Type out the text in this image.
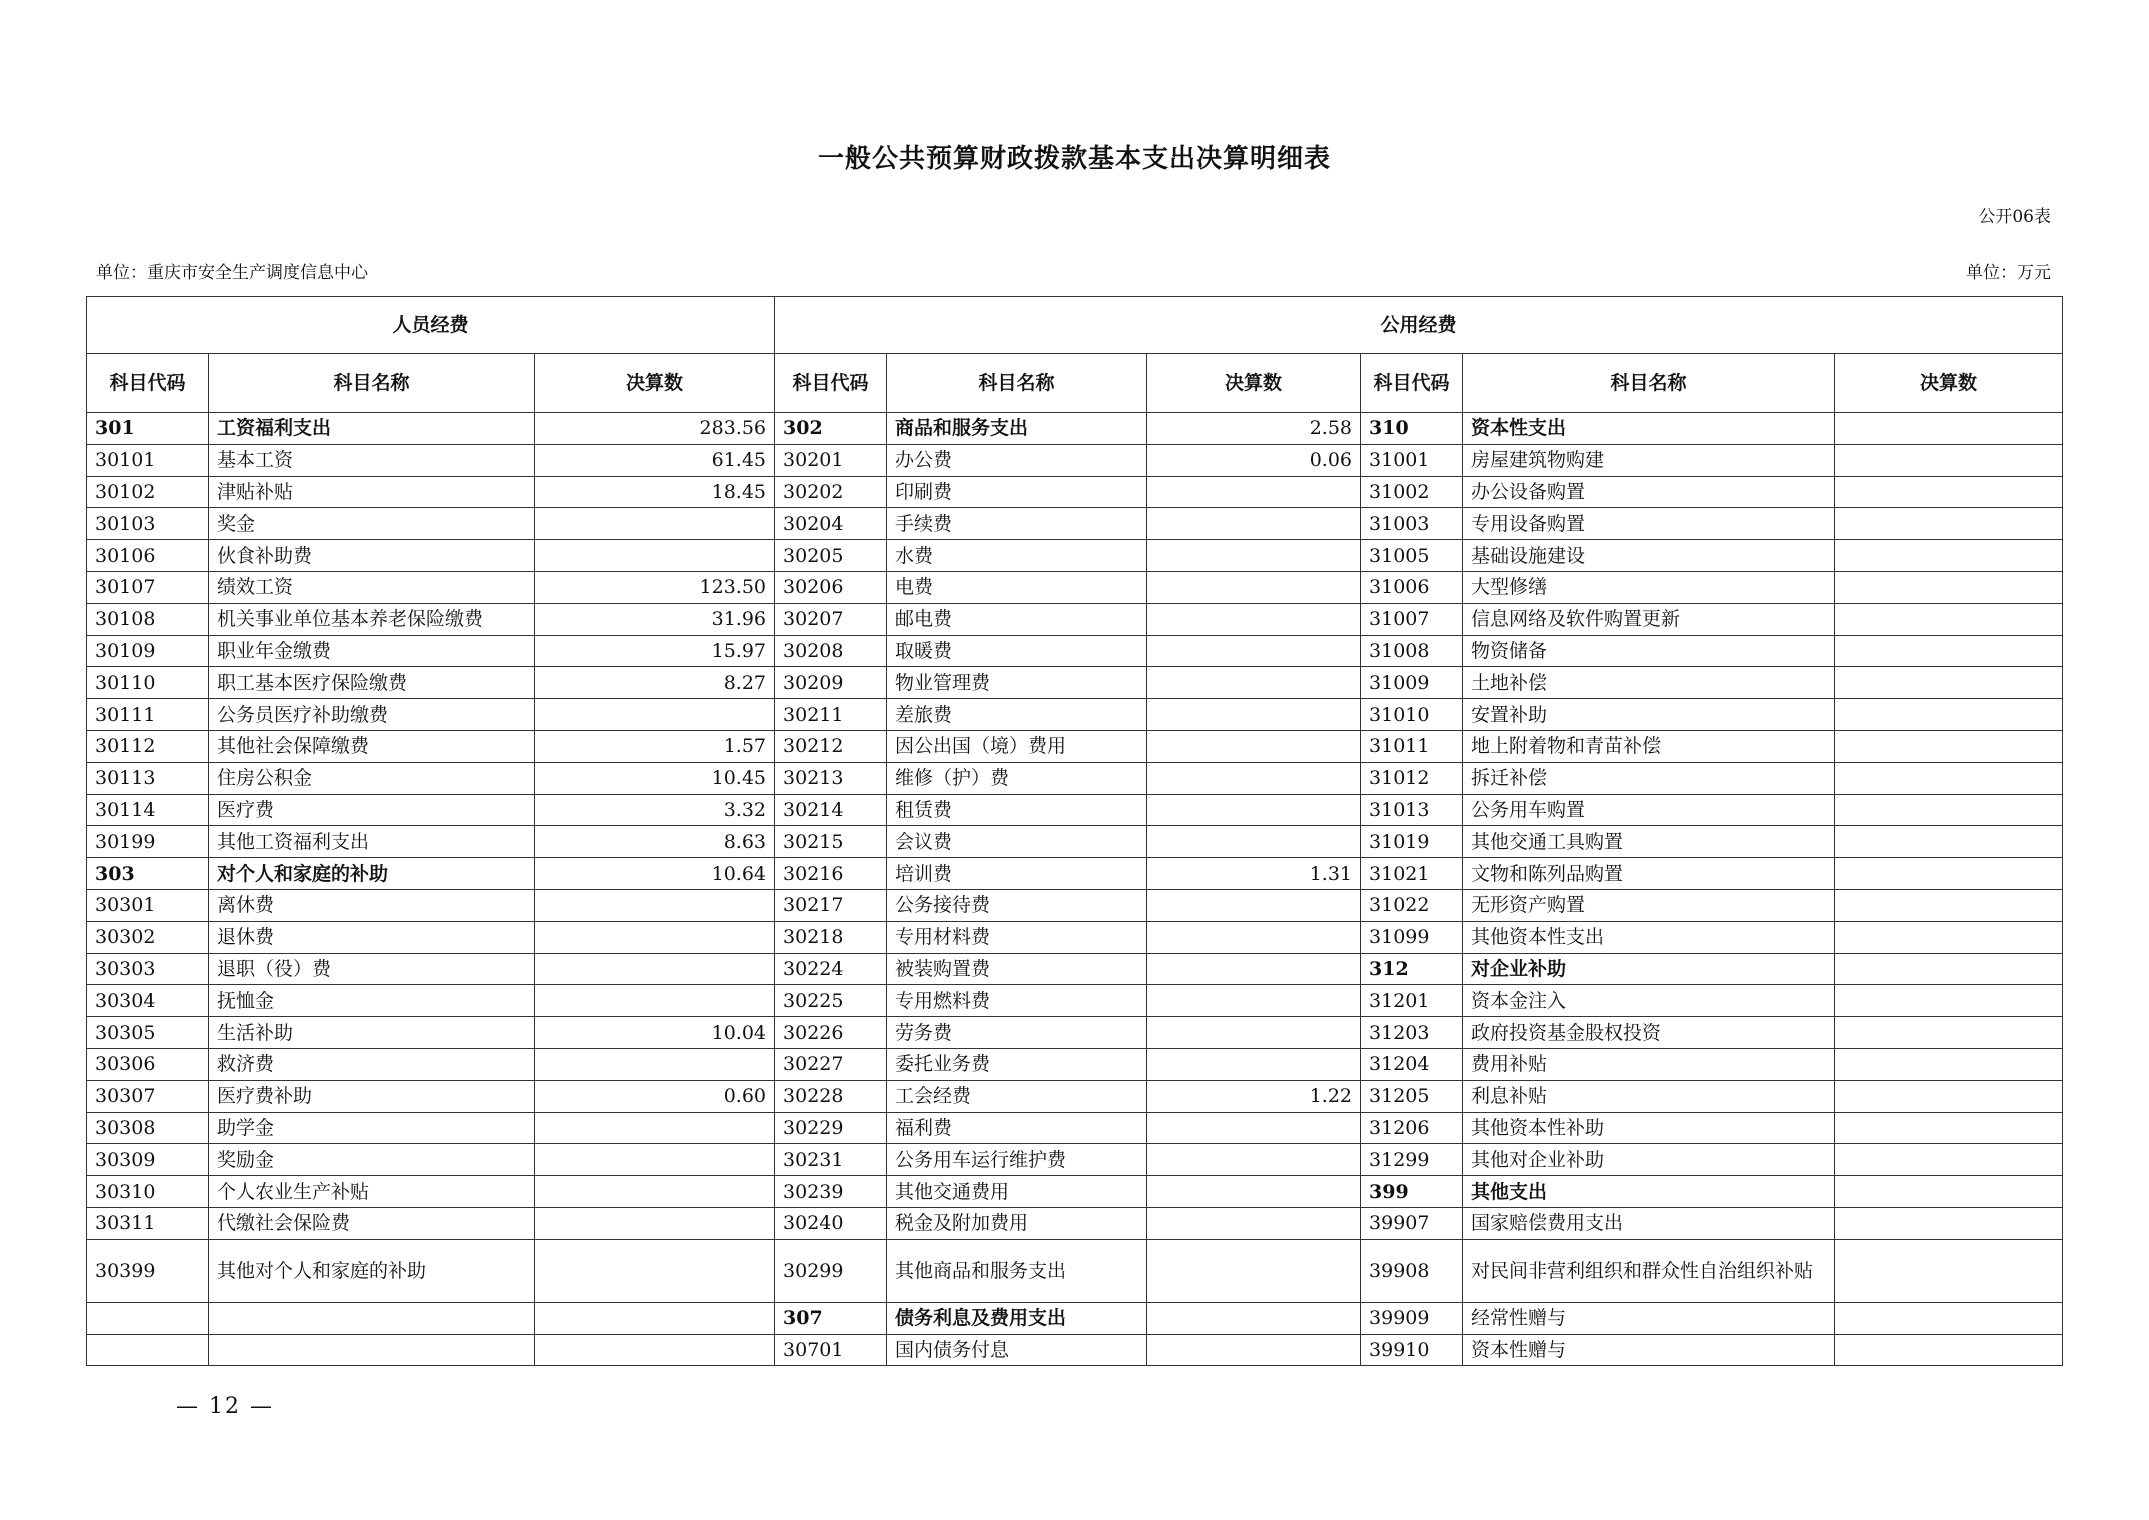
一般公共预算财政拨款基本支出决算明细表
公开06表
单位：重庆市安全生产调度信息中心	单位：万元
人员经费			公用经费					
科目代码	科目名称	决算数	科目代码	科目名称	决算数	科目代码	科目名称	决算数
301	工资福利支出	283.56	302	商品和服务支出	2.58	310	资本性支出	
30101	基本工资	61.45	30201	办公费	0.06	31001	房屋建筑物购建	
30102	津贴补贴	18.45	30202	印刷费		31002	办公设备购置	
30103	奖金		30204	手续费		31003	专用设备购置	
30106	伙食补助费		30205	水费		31005	基础设施建设	
30107	绩效工资	123.50	30206	电费		31006	大型修缮	
30108	机关事业单位基本养老保险缴费	31.96	30207	邮电费		31007	信息网络及软件购置更新	
30109	职业年金缴费	15.97	30208	取暖费		31008	物资储备	
30110	职工基本医疗保险缴费	8.27	30209	物业管理费		31009	土地补偿	
30111	公务员医疗补助缴费		30211	差旅费		31010	安置补助	
30112	其他社会保障缴费	1.57	30212	因公出国（境）费用		31011	地上附着物和青苗补偿	
30113	住房公积金	10.45	30213	维修（护）费		31012	拆迁补偿	
30114	医疗费	3.32	30214	租赁费		31013	公务用车购置	
30199	其他工资福利支出	8.63	30215	会议费		31019	其他交通工具购置	
303	对个人和家庭的补助	10.64	30216	培训费	1.31	31021	文物和陈列品购置	
30301	离休费		30217	公务接待费		31022	无形资产购置	
30302	退休费		30218	专用材料费		31099	其他资本性支出	
30303	退职（役）费		30224	被装购置费		312	对企业补助	
30304	抚恤金		30225	专用燃料费		31201	资本金注入	
30305	生活补助	10.04	30226	劳务费		31203	政府投资基金股权投资	
30306	救济费		30227	委托业务费		31204	费用补贴	
30307	医疗费补助	0.60	30228	工会经费	1.22	31205	利息补贴	
30308	助学金		30229	福利费		31206	其他资本性补助	
30309	奖励金		30231	公务用车运行维护费		31299	其他对企业补助	
30310	个人农业生产补贴		30239	其他交通费用		399	其他支出	
30311	代缴社会保险费		30240	税金及附加费用		39907	国家赔偿费用支出	
30399	其他对个人和家庭的补助		30299	其他商品和服务支出		39908	对民间非营利组织和群众性自治组织补贴	
			307	债务利息及费用支出		39909	经常性赠与	
			30701	国内债务付息		39910	资本性赠与	
— 12 —
